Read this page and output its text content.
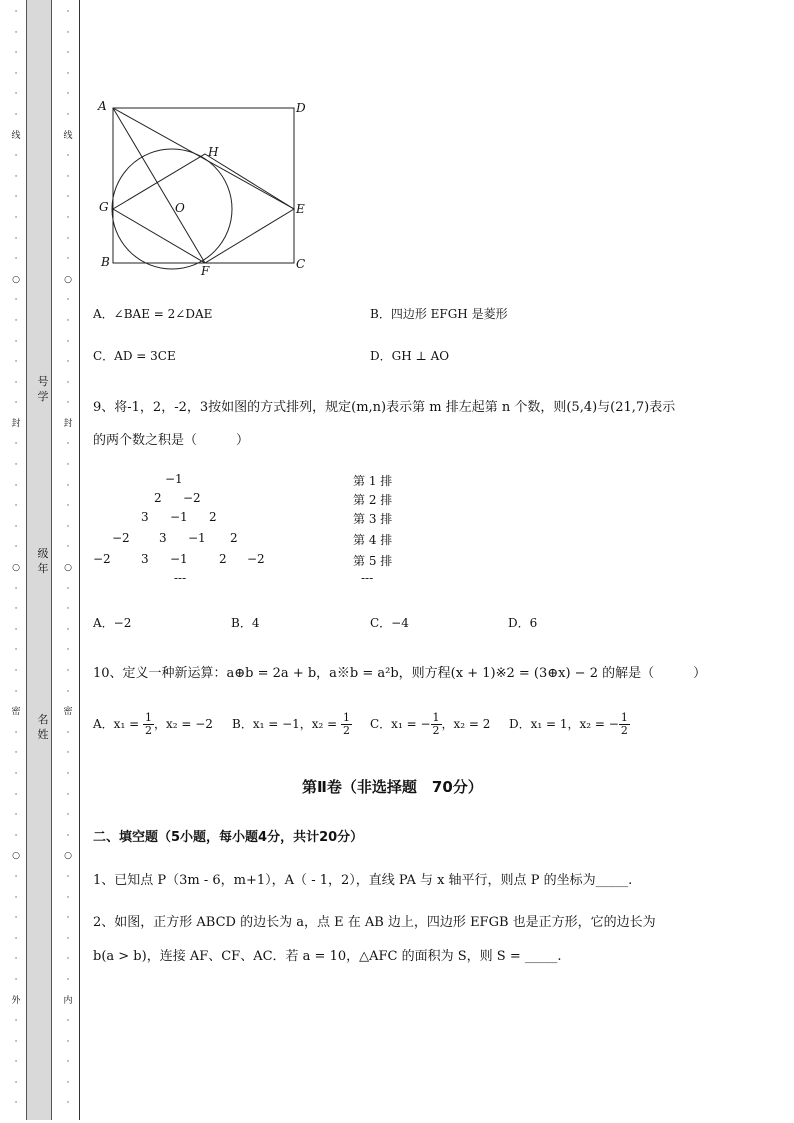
·
·
·
·
·
·
线
·
·
·
·
·
·
○
·
·
·
·
·
·
封
·
·
·
·
·
·
○
·
·
·
·
·
·
密
·
·
·
·
·
·
○
·
·
·
·
·
·
外
·
·
·
·
·
号
学
级
年
名
姓
·
·
·
·
·
·
线
·
·
·
·
·
·
○
·
·
·
·
·
·
封
·
·
·
·
·
·
○
·
·
·
·
·
·
密
·
·
·
·
·
·
○
·
·
·
·
·
·
内
·
·
·
·
·
A	D
H
G	O	E
B
F	C
A．∠BAE = 2∠DAE	B．四边形 EFGH 是菱形
C．AD = 3CE	D．GH ⊥ AO
9、将-1，2，-2，3按如图的方式排列，规定(m,n)表示第 m 排左起第 n 个数，则(5,4)与(21,7)表示
的两个数之积是（　　　）
−1
2 −2
3 −1 2
−2 3 −1 2
−2	3 −1	2 −2
---
第 1 排
第 2 排
第 3 排
第 4 排
第 5 排
---
A．−2	B．4	C．−4	D．6
10、定义一种新运算：a⊕b = 2a + b，a※b = a²b，则方程(x + 1)※2 = (3⊕x) − 2 的解是（　　　）
A．$x_1 = \frac{1}{2}$ ，x₂ = −2 B．x₁ = −1，$x_2 = \frac{1}{2}$ C．x₁ = − $\frac{1}{2}$ ，x₂ = 2 D．x₁ = 1，x₂ = − $\frac{1}{2}$
第Ⅱ卷（非选择题　70分）
二、填空题（5小题，每小题4分，共计20分）
1、已知点 P（3m - 6，m+1），A（ - 1，2），直线 PA 与 x 轴平行，则点 P 的坐标为_____.
2、如图，正方形 ABCD 的边长为 a，点 E 在 AB 边上，四边形 EFGB 也是正方形，它的边长为
b(a > b)，连接 AF、CF、AC．若 a = 10，△AFC 的面积为 S，则 S = _____.
